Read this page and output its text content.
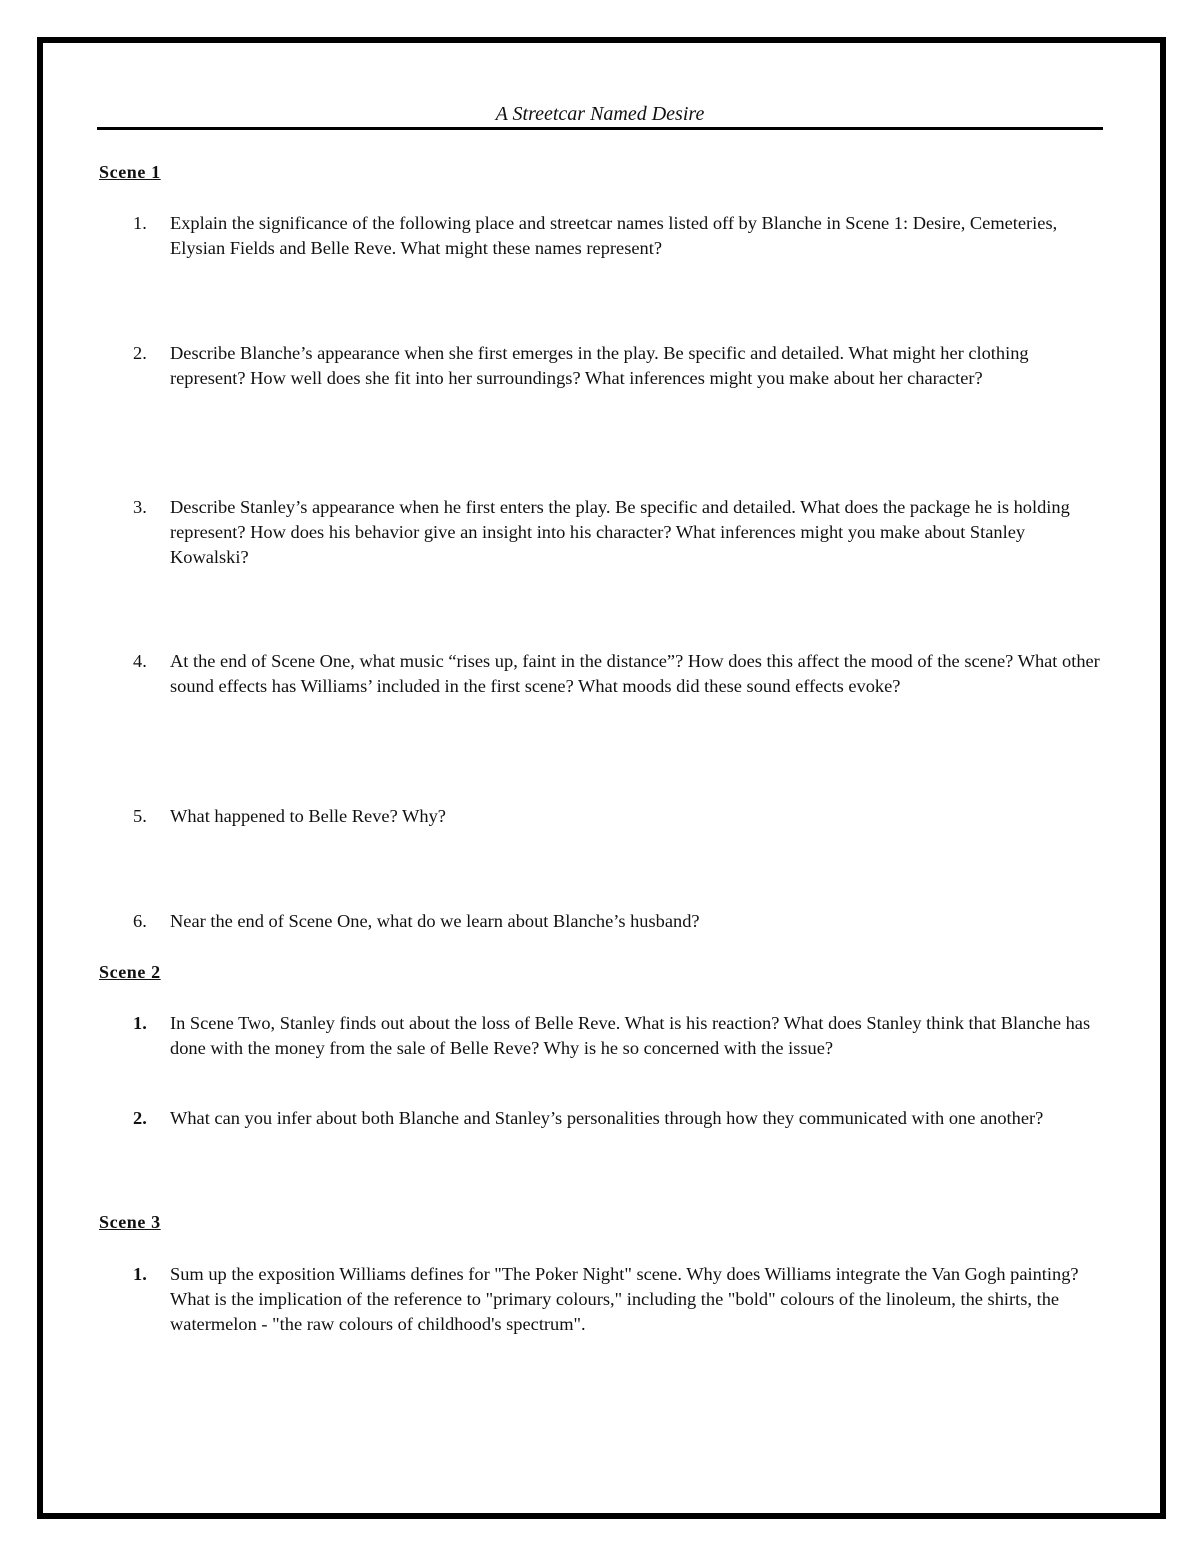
A Streetcar Named Desire
Scene 1
1.	Explain the significance of the following place and streetcar names listed off by Blanche in Scene 1: Desire, Cemeteries, Elysian Fields and Belle Reve. What might these names represent?
2.	Describe Blanche’s appearance when she first emerges in the play. Be specific and detailed. What might her clothing represent? How well does she fit into her surroundings? What inferences might you make about her character?
3.	Describe Stanley’s appearance when he first enters the play. Be specific and detailed. What does the package he is holding represent? How does his behavior give an insight into his character? What inferences might you make about Stanley Kowalski?
4.	At the end of Scene One, what music “rises up, faint in the distance”? How does this affect the mood of the scene? What other sound effects has Williams’ included in the first scene? What moods did these sound effects evoke?
5.	What happened to Belle Reve? Why?
6.	Near the end of Scene One, what do we learn about Blanche’s husband?
Scene 2
1.	In Scene Two, Stanley finds out about the loss of Belle Reve. What is his reaction? What does Stanley think that Blanche has done with the money from the sale of Belle Reve? Why is he so concerned with the issue?
2.	What can you infer about both Blanche and Stanley’s personalities through how they communicated with one another?
Scene 3
1.	Sum up the exposition Williams defines for "The Poker Night" scene. Why does Williams integrate the Van Gogh painting? What is the implication of the reference to "primary colours," including the "bold" colours of the linoleum, the shirts, the watermelon - "the raw colours of childhood's spectrum".
